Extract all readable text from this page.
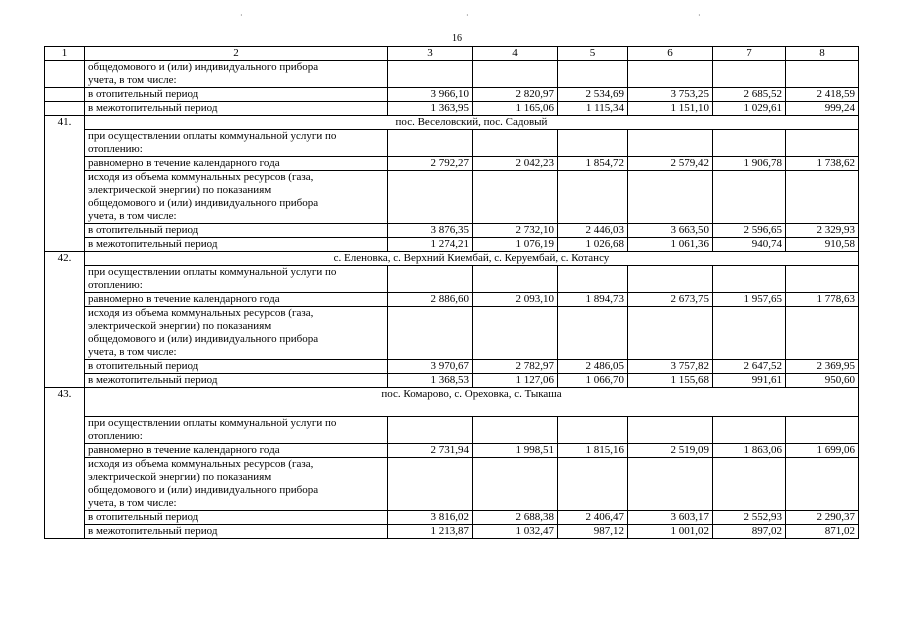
·	·	·
16
1	2	3	4	5	6	7	8

	общедомового и (или) индивидуального прибора
учета, в том числе:						

	в отопительный период	3 966,10	2 820,97	2 534,69	3 753,25	2 685,52	2 418,59

	в межотопительный период	1 363,95	1 165,06	1 115,34	1 151,10	1 029,61	999,24
41.	пос. Веселовский, пос. Садовый						

	при осуществлении оплаты коммунальной услуги по
отоплению:						

	равномерно в течение календарного года	2 792,27	2 042,23	1 854,72	2 579,42	1 906,78	1 738,62

	исходя из объема коммунальных ресурсов (газа,
электрической энергии) по показаниям
общедомового и (или) индивидуального прибора
учета, в том числе:						

	в отопительный период	3 876,35	2 732,10	2 446,03	3 663,50	2 596,65	2 329,93

	в межотопительный период	1 274,21	1 076,19	1 026,68	1 061,36	940,74	910,58
42.	с. Еленовка, с. Верхний Киембай, с. Керуембай, с. Котансу						

	при осуществлении оплаты коммунальной услуги по
отоплению:						

	равномерно в течение календарного года	2 886,60	2 093,10	1 894,73	2 673,75	1 957,65	1 778,63

	исходя из объема коммунальных ресурсов (газа,
электрической энергии) по показаниям
общедомового и (или) индивидуального прибора
учета, в том числе:						

	в отопительный период	3 970,67	2 782,97	2 486,05	3 757,82	2 647,52	2 369,95

	в межотопительный период	1 368,53	1 127,06	1 066,70	1 155,68	991,61	950,60
43.	пос. Комарово, с. Ореховка, с. Тыкаша						

	при осуществлении оплаты коммунальной услуги по
отоплению:						

	равномерно в течение календарного года	2 731,94	1 998,51	1 815,16	2 519,09	1 863,06	1 699,06

	исходя из объема коммунальных ресурсов (газа,
электрической энергии) по показаниям
общедомового и (или) индивидуального прибора
учета, в том числе:						

	в отопительный период	3 816,02	2 688,38	2 406,47	3 603,17	2 552,93	2 290,37

	в межотопительный период	1 213,87	1 032,47	987,12	1 001,02	897,02	871,02
